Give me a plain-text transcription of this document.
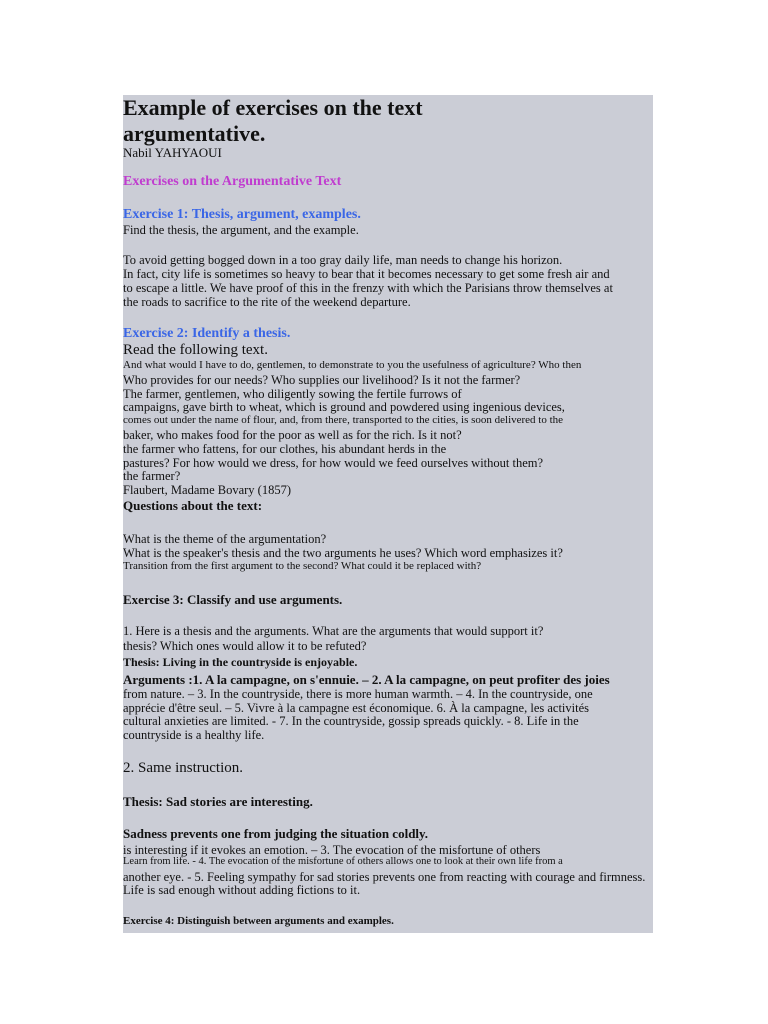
Example of exercises on the text
argumentative.
Nabil YAHYAOUI
Exercises on the Argumentative Text
Exercise 1: Thesis, argument, examples.
Find the thesis, the argument, and the example.
To avoid getting bogged down in a too gray daily life, man needs to change his horizon.
In fact, city life is sometimes so heavy to bear that it becomes necessary to get some fresh air and
to escape a little. We have proof of this in the frenzy with which the Parisians throw themselves at
the roads to sacrifice to the rite of the weekend departure.
Exercise 2: Identify a thesis.
Read the following text.
And what would I have to do, gentlemen, to demonstrate to you the usefulness of agriculture? Who then
Who provides for our needs? Who supplies our livelihood? Is it not the farmer?
The farmer, gentlemen, who diligently sowing the fertile furrows of
campaigns, gave birth to wheat, which is ground and powdered using ingenious devices,
comes out under the name of flour, and, from there, transported to the cities, is soon delivered to the
baker, who makes food for the poor as well as for the rich. Is it not?
the farmer who fattens, for our clothes, his abundant herds in the
pastures? For how would we dress, for how would we feed ourselves without them?
the farmer?
Flaubert, Madame Bovary (1857)
Questions about the text:
What is the theme of the argumentation?
What is the speaker's thesis and the two arguments he uses? Which word emphasizes it?
Transition from the first argument to the second? What could it be replaced with?
Exercise 3: Classify and use arguments.
1. Here is a thesis and the arguments. What are the arguments that would support it?
thesis? Which ones would allow it to be refuted?
Thesis: Living in the countryside is enjoyable.
Arguments :1. A la campagne, on s'ennuie. – 2. A la campagne, on peut profiter des joies
from nature. – 3. In the countryside, there is more human warmth. – 4. In the countryside, one
apprécie d'être seul. – 5. Vivre à la campagne est économique. 6. À la campagne, les activités
cultural anxieties are limited. - 7. In the countryside, gossip spreads quickly. - 8. Life in the
countryside is a healthy life.
2. Same instruction.
Thesis: Sad stories are interesting.
Sadness prevents one from judging the situation coldly.
is interesting if it evokes an emotion. – 3. The evocation of the misfortune of others
Learn from life. - 4. The evocation of the misfortune of others allows one to look at their own life from a
another eye. - 5. Feeling sympathy for sad stories prevents one from reacting with courage and firmness.
Life is sad enough without adding fictions to it.
Exercise 4: Distinguish between arguments and examples.
